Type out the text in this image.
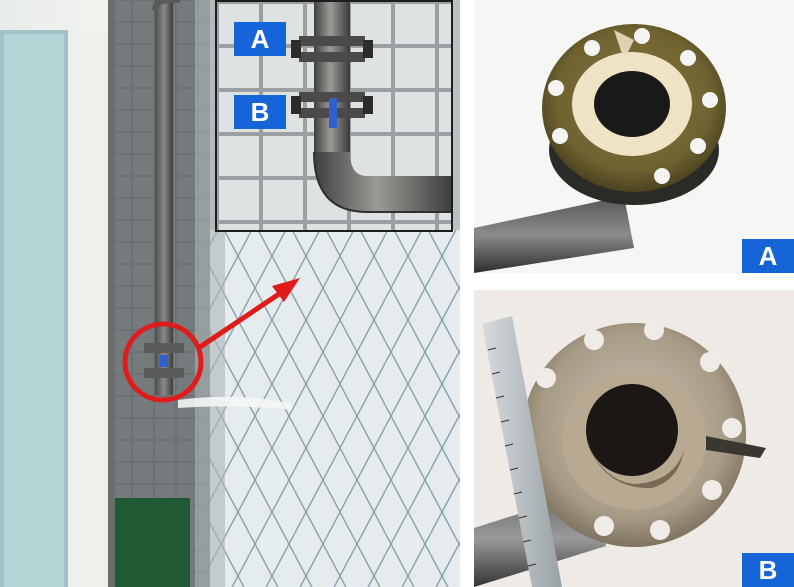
A
B
A
B
